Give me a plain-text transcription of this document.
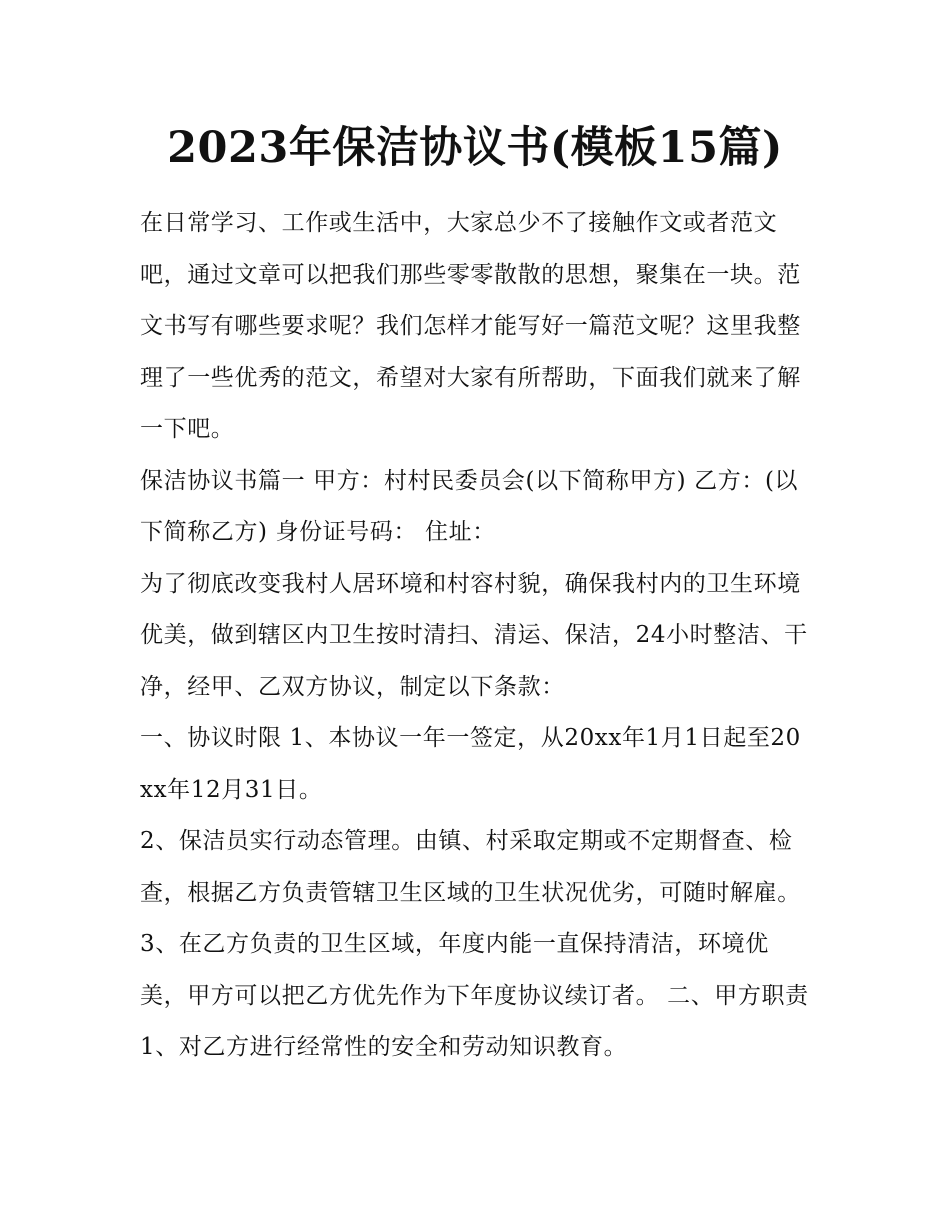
2023年保洁协议书(模板15篇)

在日常学习、工作或生活中，大家总少不了接触作文或者范文吧，通过文章可以把我们那些零零散散的思想，聚集在一块。范文书写有哪些要求呢？我们怎样才能写好一篇范文呢？这里我整理了一些优秀的范文，希望对大家有所帮助，下面我们就来了解一下吧。

保洁协议书篇一 甲方：村村民委员会(以下简称甲方) 乙方：(以下简称乙方) 身份证号码： 住址：

为了彻底改变我村人居环境和村容村貌，确保我村内的卫生环境优美，做到辖区内卫生按时清扫、清运、保洁，24小时整洁、干净，经甲、乙双方协议，制定以下条款：

一、协议时限 1、本协议一年一签定，从20xx年1月1日起至20xx年12月31日。

2、保洁员实行动态管理。由镇、村采取定期或不定期督查、检查，根据乙方负责管辖卫生区域的卫生状况优劣，可随时解雇。

3、在乙方负责的卫生区域，年度内能一直保持清洁，环境优美，甲方可以把乙方优先作为下年度协议续订者。 二、甲方职责 1、对乙方进行经常性的安全和劳动知识教育。
